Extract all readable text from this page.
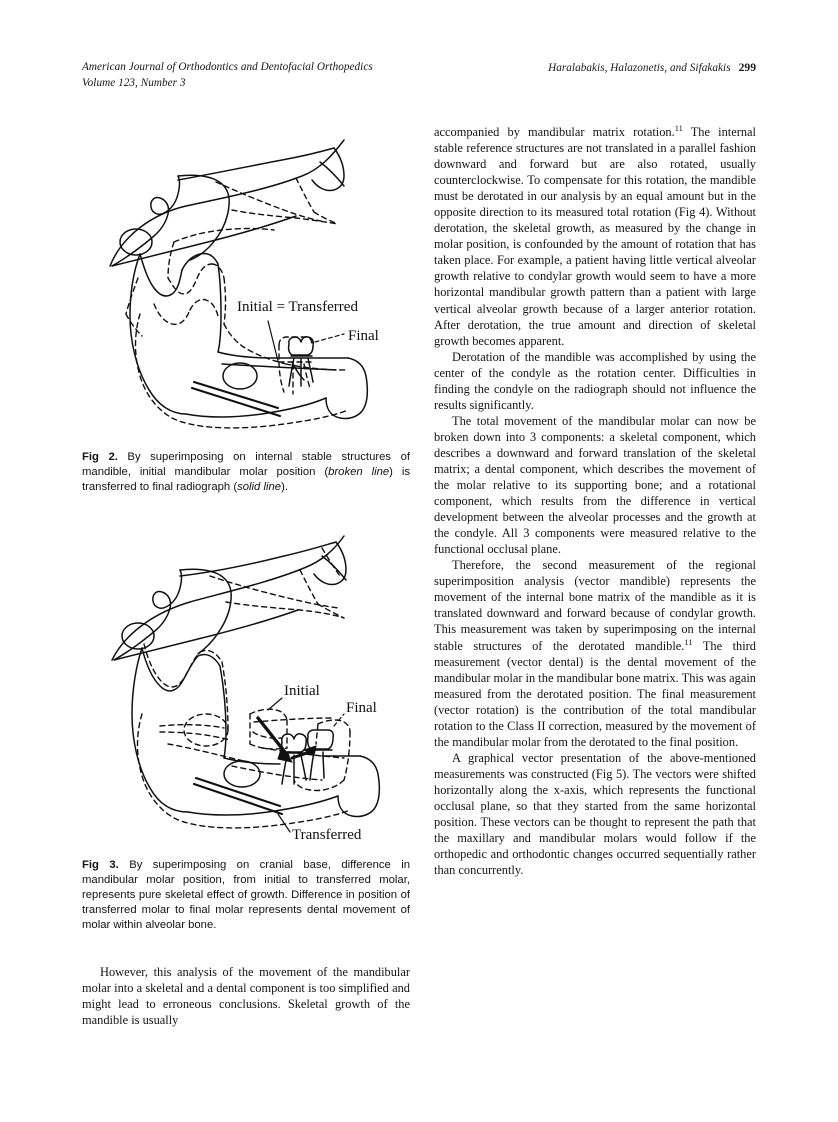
American Journal of Orthodontics and Dentofacial Orthopedics
Volume 123, Number 3
Haralabakis, Halazonetis, and Sifakakis 299
Initial = Transferred
Final

Fig 2. By superimposing on internal stable structures of mandible, initial mandibular molar position (broken line) is transferred to final radiograph (solid line).

Initial
Final
Transferred

Fig 3. By superimposing on cranial base, difference in mandibular molar position, from initial to transferred molar, represents pure skeletal effect of growth. Difference in position of transferred molar to final molar represents dental movement of molar within alveolar bone.

However, this analysis of the movement of the mandibular molar into a skeletal and a dental component is too simplified and might lead to erroneous conclusions. Skeletal growth of the mandible is usually

accompanied by mandibular matrix rotation.$^{11}$ The internal stable reference structures are not translated in a parallel fashion downward and forward but are also rotated, usually counterclockwise. To compensate for this rotation, the mandible must be derotated in our analysis by an equal amount but in the opposite direction to its measured total rotation (Fig 4). Without derotation, the skeletal growth, as measured by the change in molar position, is confounded by the amount of rotation that has taken place. For example, a patient having little vertical alveolar growth relative to condylar growth would seem to have a more horizontal mandibular growth pattern than a patient with large vertical alveolar growth because of a larger anterior rotation. After derotation, the true amount and direction of skeletal growth becomes apparent.

Derotation of the mandible was accomplished by using the center of the condyle as the rotation center. Difficulties in finding the condyle on the radiograph should not influence the results significantly.

The total movement of the mandibular molar can now be broken down into 3 components: a skeletal component, which describes a downward and forward translation of the skeletal matrix; a dental component, which describes the movement of the molar relative to its supporting bone; and a rotational component, which results from the difference in vertical development between the alveolar processes and the growth at the condyle. All 3 components were measured relative to the functional occlusal plane.

Therefore, the second measurement of the regional superimposition analysis (vector mandible) represents the movement of the internal bone matrix of the mandible as it is translated downward and forward because of condylar growth. This measurement was taken by superimposing on the internal stable structures of the derotated mandible.$^{11}$ The third measurement (vector dental) is the dental movement of the mandibular molar in the mandibular bone matrix. This was again measured from the derotated position. The final measurement (vector rotation) is the contribution of the total mandibular rotation to the Class II correction, measured by the movement of the mandibular molar from the derotated to the final position.

A graphical vector presentation of the above-mentioned measurements was constructed (Fig 5). The vectors were shifted horizontally along the x-axis, which represents the functional occlusal plane, so that they started from the same horizontal position. These vectors can be thought to represent the path that the maxillary and mandibular molars would follow if the orthopedic and orthodontic changes occurred sequentially rather than concurrently.
